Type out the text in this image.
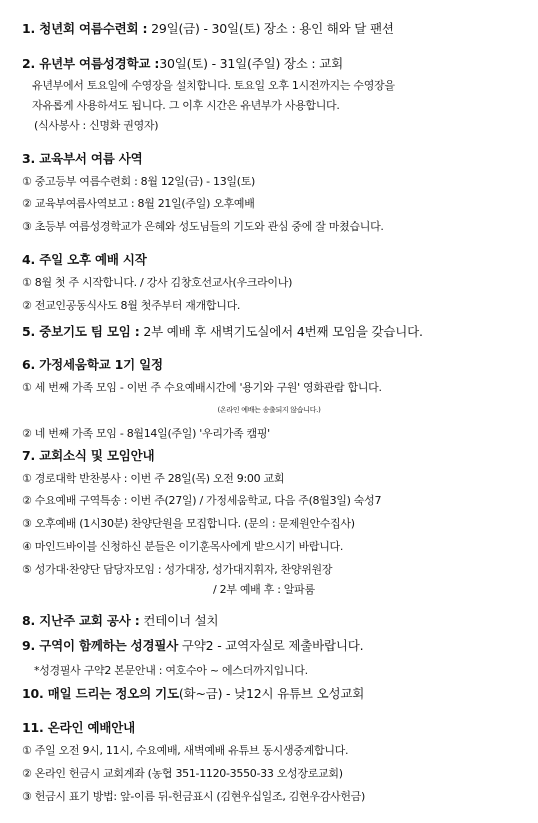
1. 청년회 여름수련회 : 29일(금) - 30일(토) 장소 : 용인 해와 달 팬션
2. 유년부 여름성경학교 :30일(토) - 31일(주일) 장소 : 교회
유년부에서 토요일에 수영장을 설치합니다. 토요일 오후 1시전까지는 수영장을
자유롭게 사용하셔도 됩니다. 그 이후 시간은 유년부가 사용합니다.
(식사봉사 : 신명화 권영자)
3. 교육부서 여름 사역
① 중고등부 여름수련회 : 8월 12일(금) - 13일(토)
② 교육부여름사역보고 : 8월 21일(주일) 오후예배
③ 초등부 여름성경학교가 은혜와 성도님들의 기도와 관심 중에 잘 마쳤습니다.
4. 주일 오후 예배 시작
① 8월 첫 주 시작합니다. / 강사 김창호선교사(우크라이나)
② 전교인공동식사도 8월 첫주부터 재개합니다.
5. 중보기도 팀 모임 : 2부 예배 후 새벽기도실에서 4번째 모임을 갖습니다.
6. 가정세움학교 1기 일정
① 세 번째 가족 모임 - 이번 주 수요예배시간에 '용기와 구원' 영화관람 합니다.
(온라인 예배는 송출되지 않습니다.)
② 네 번째 가족 모임 - 8월14일(주일) '우리가족 캠핑'
7. 교회소식 및 모임안내
① 경로대학 반찬봉사 : 이번 주 28일(목) 오전 9:00 교회
② 수요예배 구역특송 : 이번 주(27일) / 가정세움학교, 다음 주(8월3일) 숙성7
③ 오후예배 (1시30분) 찬양단원을 모집합니다. (문의 : 문제원안수집사)
④ 마인드바이블 신청하신 분들은 이기훈목사에게 받으시기 바랍니다.
⑤ 성가대·찬양단 담당자모임 : 성가대장, 성가대지휘자, 찬양위원장
/ 2부 예배 후 : 알파룸
8. 지난주 교회 공사 : 컨테이너 설치
9. 구역이 함께하는 성경필사 구약2 - 교역자실로 제출바랍니다.
*성경필사 구약2 본문안내 : 여호수아 ~ 에스더까지입니다.
10. 매일 드리는 정오의 기도(화~금) - 낮12시 유튜브 오성교회
11. 온라인 예배안내
① 주일 오전 9시, 11시, 수요예배, 새벽예배 유튜브 동시생중계합니다.
② 온라인 헌금시 교회계좌 (농협 351-1120-3550-33 오성장로교회)
③ 헌금시 표기 방법: 앞-이름 뒤-헌금표시 (김현우십일조, 김현우감사헌금)
